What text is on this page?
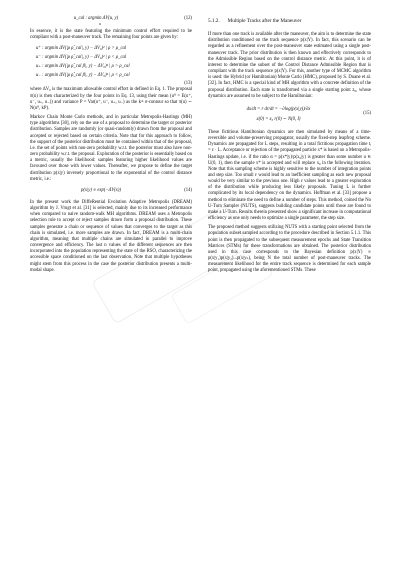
u_cal : argmin ΔV(u, y)
u
(12)

In essence, it is the state featuring the minimum control effort required to be compliant with a post-maneuver track. The remaining four points are given by:

u⁺ : argmin ΔV(|ρ ρ̂_cal|, y) − ΔV₀)² | ρ > ρ_cal
u⁻ : argmin ΔV(|ρ ρ̂_cal|, y) − ΔV₀)² | ρ < ρ_cal
u₊ : argmin ΔV(|ρ ρ̂_cal β|, y) − ΔV₀)² | ρ > ρ_cal
u₋ : argmin ΔV(|ρ ρ̂_cal β|, y) − ΔV₀)² | ρ < ρ_cal
(13)

where ΔV₀ is the maximum allowable control effort in defined in Eq. 1. The proposal π(u) is then characterized by the four points in Eq. 13, using their mean (u⁰ = E(u⁺, u⁻, u₊, u₋)) and variance P = Var(u⁺, u⁻, u₊, u₋) as the kᵗʰ σ-contour so that π(u) ∼ N(u⁰, kP).

Markov Chain Monte Carlo methods, and in particular Metropolis-Hastings (MH) type algorithms [30], rely on the use of a proposal to determine the target or posterior distribution. Samples are randomly (or quasi-randomly) drawn from the proposal and accepted or rejected based on certain criteria. Note that for this approach to follow, the support of the posterior distribution must be contained within that of the proposal, i.e. the set of points with non-zero probability w.r.t. the posterior must also have non-zero probability w.r.t. the proposal. Exploration of the posterior is essentially based on a metric, usually the likelihood: samples featuring higher likelihood values are favoured over those with lower values. Thereafter, we propose to define the target distribution p(x|y) inversely proportional to the exponential of the control distance metric, i.e.:

p(x|y) ∝ exp(−ΔV(x))	(14)

In the present work the DiffeRential Evolution Adaptive Metropolis (DREAM) algorithm by J. Vrugt et al. [31] is selected, mainly due to its increased performance when compared to naive random-walk MH algorithms. DREAM uses a Metropolis selection rule to accept or reject samples drawn form a proposal distribution. These samples generate a chain or sequence of values that converges to the target as this chain is simulated, i.e. more samples are drawn. In fact, DREAM is a multi-chain algorithm, meaning that multiple chains are simulated in parallel to improve convergence and efficiency. The last n values of the different sequences are then incorporated into the population representing the state of the RSO, characterizing the accessible space conditioned on the last observation. Note that multiple hypotheses might stem from this process in the case the posterior distribution presents a multi-modal shape.

5.1.2. Multiple Tracks after the Maneuver

If more than one track is available after the maneuver, the aim is to determine the state distribution conditioned on the track sequence p(x|Y). In fact, this scenario can be regarded as a refinement over the post-maneuver state estimated using a single post-maneuver track. The prior distribution is then known and effectively corresponds to the Admissible Region based on the control distance metric. At this point, it is of interest to determine the subset of the Control Distance Admissible Region that is compliant with the track sequence p(x|Y). For this, another type of MCMC algorithm is used: the Hybrid (or Hamiltonian) Monte Carlo (HMC), proposed by S. Duane et al. [32]. In fact, HMC is a special kind of MH algorithm with a concrete definition of the proposal distribution. Each state is transformed via a single starting point z₀, whose dynamics are assumed to be subject to the Hamiltonian:

dx/dt = r dr/dt = −∂log(p(x|y))/∂x
x(0) = x₀ r(0) ∼ N(0, I)
(15)

These fictitious Hamiltonian dynamics are then simulated by means of a time-reversible and volume-preserving propagator, usually the fixed-step leapfrog scheme. Dynamics are propagated for L steps, resulting in a total fictitious propagation time tᵢ = ε · L. Acceptance or rejection of the propagated particle x* is based on a Metropolis-Hastings update, i.e. if the ratio α = p(x*|y)/p(x₀|y) is greater than some number u ∈ U(0, 1), then the sample x* is accepted and will replace x₀ in the following iteration. Note that this sampling scheme is highly sensitive to the number of integration points and step size. Too small ε would lead to an inefficient sampling as each new proposal would be very similar to the previous one. High ε values lead to a greater exploration of the distribution while producing less likely proposals. Tuning L is further complicated by its local dependency on the dynamics. Hoffman et al. [33] propose a method to eliminate the need to define a number of steps. This method, coined the No U-Turn Sampler (NUTS), suggests building candidate points until those are found to make a U-Turn. Results therein presented show a significant increase in computational efficiency as one only needs to optimize a single parameter, the step size.

The proposed method suggests utilizing NUTS with a starting point selected from the population subset sampled according to the procedure described in Section 5.1.1. This point is then propagated to the subsequent measurement epochs and State Transition Matrices (STMs) for these transformations are obtained. The posterior distribution used in this case corresponds to the Bayesian definition p(x|Y) ∝ p(x|y₁)p(x|y₂)...p(x|yₙ), being N the total number of post-maneuver tracks. The measurement likelihood for the entire track sequence is determined for each sample point, propagated using the aforementioned STMs. These
